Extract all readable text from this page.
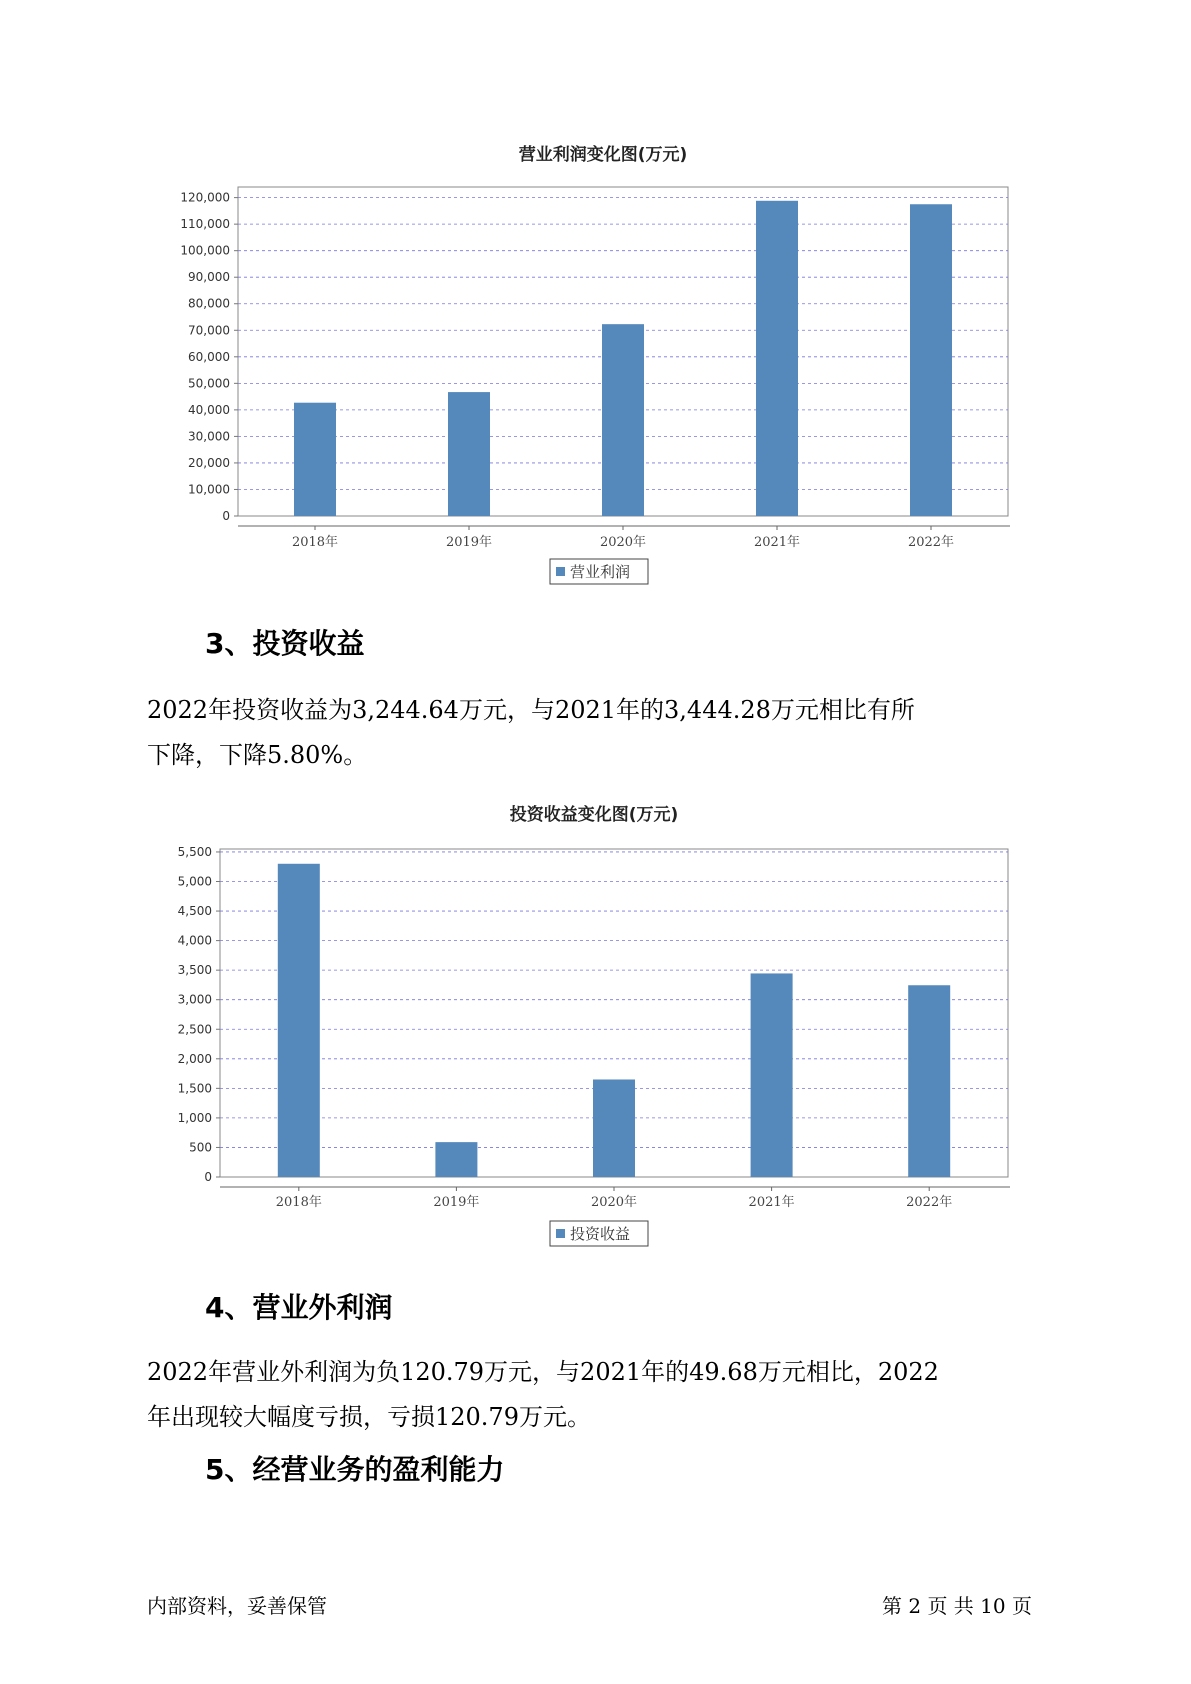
营业利润变化图(万元)
0
10,000
20,000
30,000
40,000
50,000
60,000
70,000
80,000
90,000
100,000
110,000
120,000
2018年	2019年	2020年	2021年	2022年
营业利润
3、投资收益

2022年投资收益为3,244.64万元，与2021年的3,444.28万元相比有所
下降，下降5.80%。

投资收益变化图(万元)
0
500
1,000
1,500
2,000
2,500
3,000
3,500
4,000
4,500
5,000
5,500
2018年	2019年	2020年	2021年	2022年
投资收益
4、营业外利润

2022年营业外利润为负120.79万元，与2021年的49.68万元相比，2022
年出现较大幅度亏损，亏损120.79万元。

5、经营业务的盈利能力
内部资料，妥善保管	第 2 页 共 10 页
